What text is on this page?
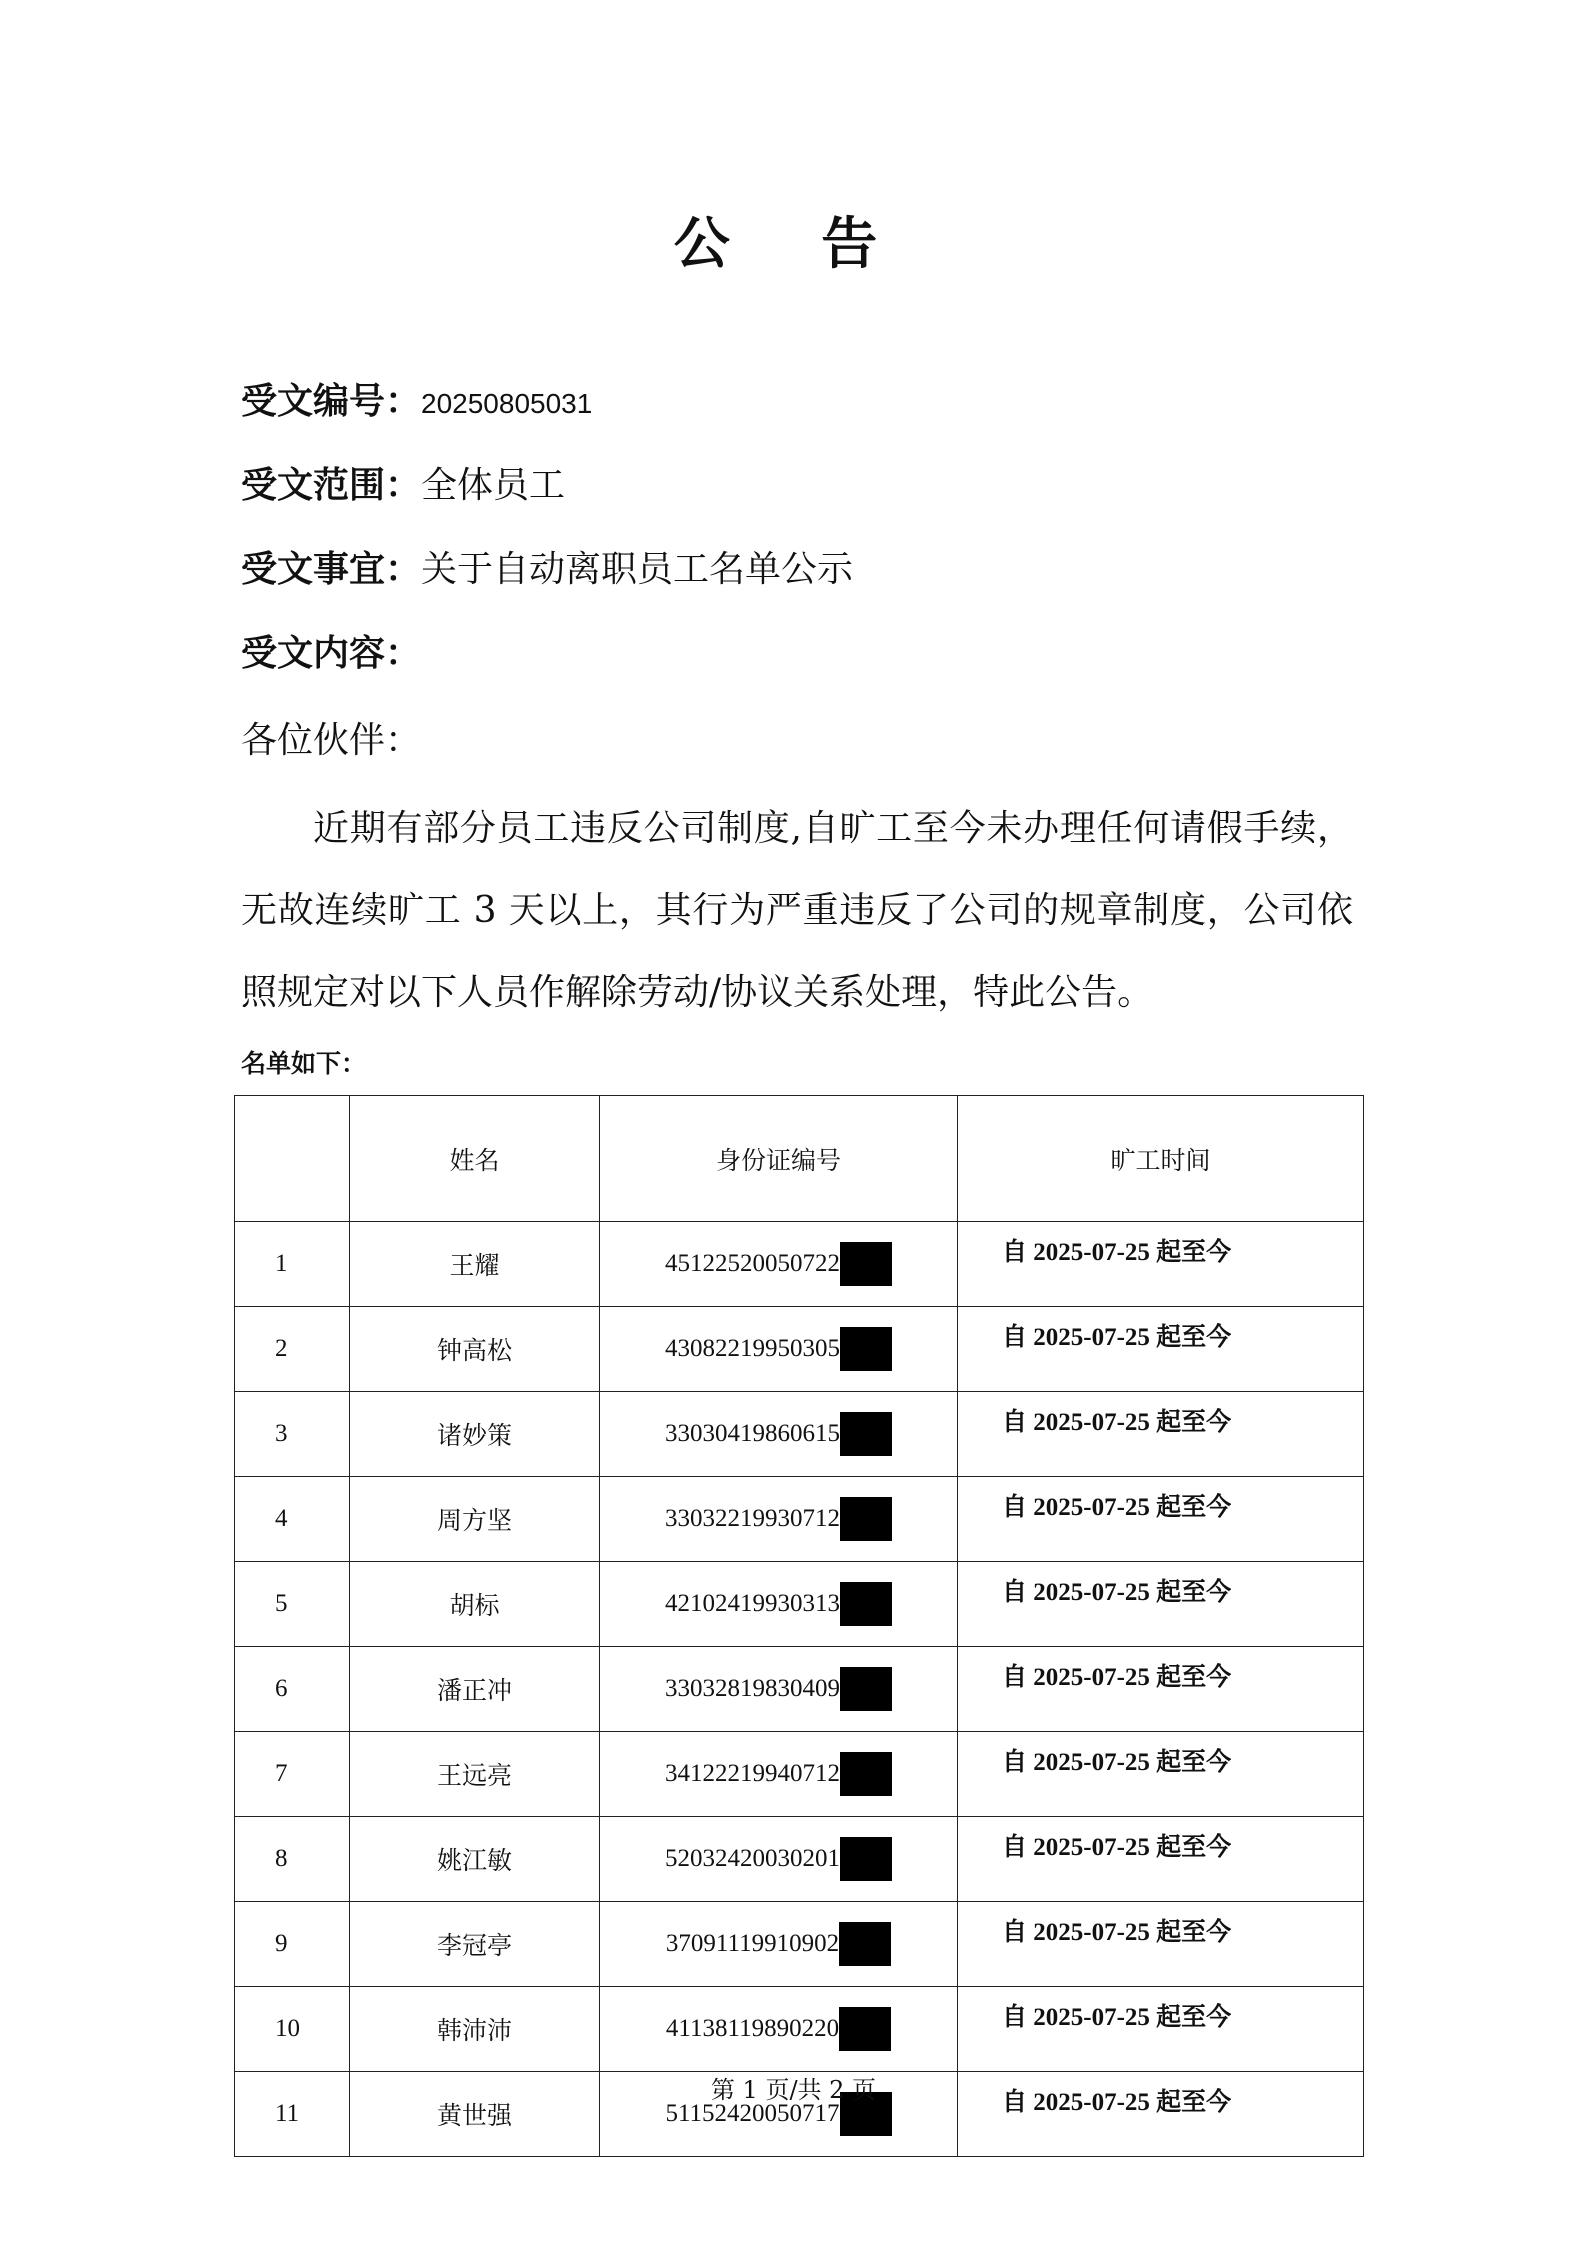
公 告
受文编号：20250805031
受文范围：全体员工
受文事宜：关于自动离职员工名单公示
受文内容：
各位伙伴：
近期有部分员工违反公司制度,自旷工至今未办理任何请假手续，无故连续旷工 3 天以上，其行为严重违反了公司的规章制度，公司依照规定对以下人员作解除劳动/协议关系处理，特此公告。
名单如下：
	姓名	身份证编号	旷工时间
1	王耀	45122520050722	自 2025-07-25 起至今
2	钟高松	43082219950305	自 2025-07-25 起至今
3	诸妙策	33030419860615	自 2025-07-25 起至今
4	周方坚	33032219930712	自 2025-07-25 起至今
5	胡标	42102419930313	自 2025-07-25 起至今
6	潘正冲	33032819830409	自 2025-07-25 起至今
7	王远亮	34122219940712	自 2025-07-25 起至今
8	姚江敏	52032420030201	自 2025-07-25 起至今
9	李冠亭	37091119910902	自 2025-07-25 起至今
10	韩沛沛	41138119890220	自 2025-07-25 起至今
11	黄世强	51152420050717	自 2025-07-25 起至今
第 1 页/共 2 页
